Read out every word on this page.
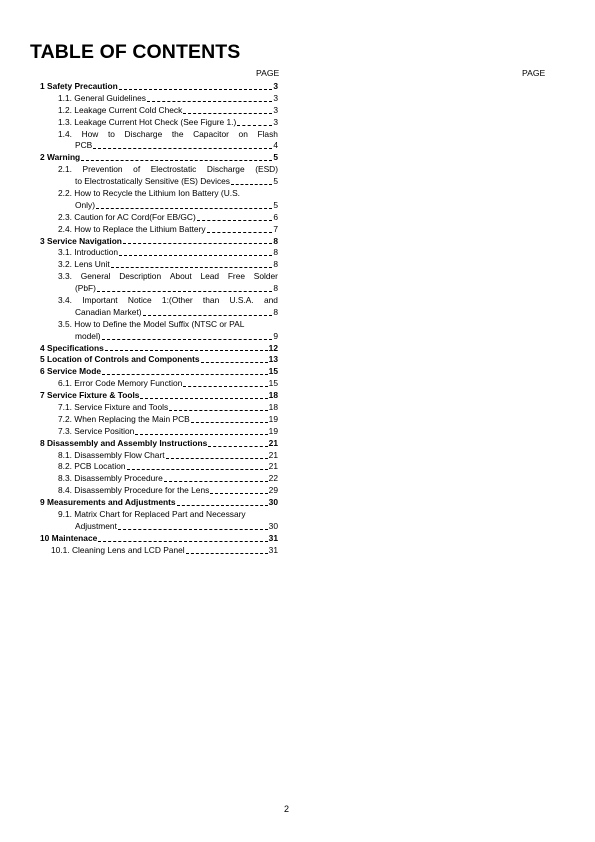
TABLE OF CONTENTS
PAGE	PAGE
1 Safety Precaution	3
1.1. General Guidelines	3
1.2. Leakage Current Cold Check	3
1.3. Leakage Current Hot Check (See Figure 1.)	3
1.4. How to Discharge the Capacitor on Flash
PCB	4
2 Warning	5
2.1. Prevention of Electrostatic Discharge (ESD)
to Electrostatically Sensitive (ES) Devices	5
2.2. How to Recycle the Lithium Ion Battery (U.S.
Only)	5
2.3. Caution for AC Cord(For EB/GC)	6
2.4. How to Replace the Lithium Battery	7
3 Service Navigation	8
3.1. Introduction	8
3.2. Lens Unit	8
3.3. General Description About Lead Free Solder
(PbF)	8
3.4. Important Notice 1:(Other than U.S.A. and
Canadian Market)	8
3.5. How to Define the Model Suffix (NTSC or PAL
model)	9
4 Specifications	12
5 Location of Controls and Components	13
6 Service Mode	15
6.1. Error Code Memory Function	15
7 Service Fixture & Tools	18
7.1. Service Fixture and Tools	18
7.2. When Replacing the Main PCB	19
7.3. Service Position	19
8 Disassembly and Assembly Instructions	21
8.1. Disassembly Flow Chart	21
8.2. PCB Location	21
8.3. Disassembly Procedure	22
8.4. Disassembly Procedure for the Lens	29
9 Measurements and Adjustments	30
9.1. Matrix Chart for Replaced Part and Necessary
Adjustment	30
10 Maintenace	31
10.1. Cleaning Lens and LCD Panel	31
2
